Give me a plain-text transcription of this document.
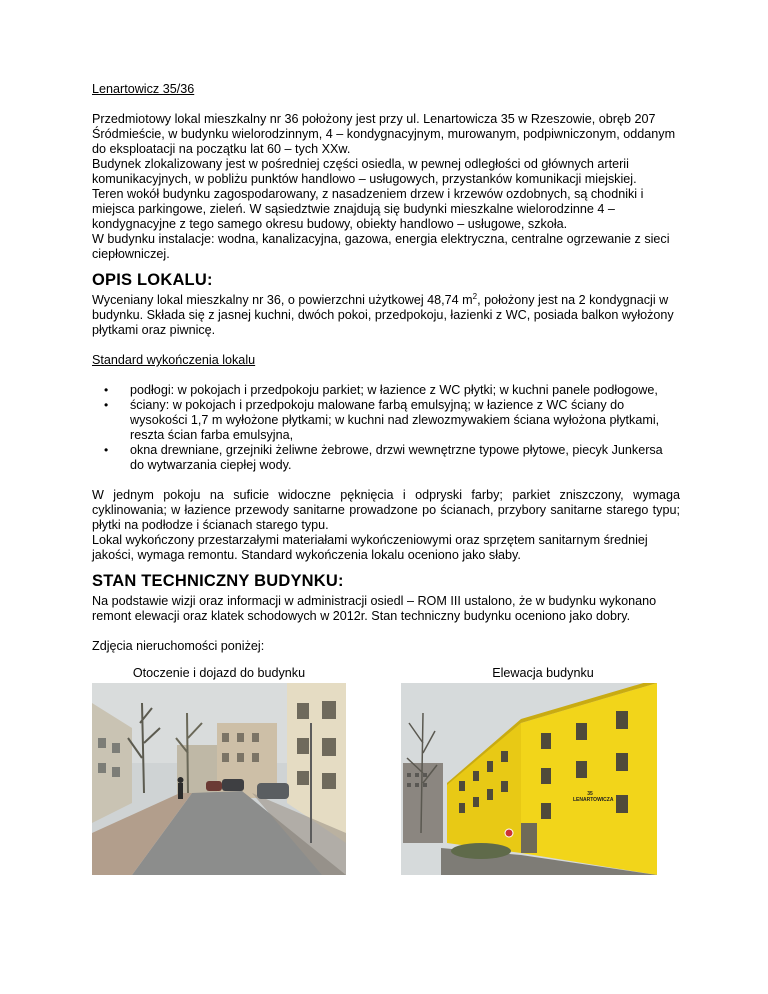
Lenartowicz 35/36

Przedmiotowy lokal mieszkalny nr 36 położony jest przy ul. Lenartowicza 35 w Rzeszowie, obręb 207 Śródmieście, w budynku wielorodzinnym, 4 – kondygnacyjnym, murowanym, podpiwniczonym, oddanym do eksploatacji na początku lat 60 – tych XXw.

Budynek zlokalizowany jest w pośredniej części osiedla, w pewnej odległości od głównych arterii komunikacyjnych, w pobliżu punktów handlowo – usługowych, przystanków komunikacji miejskiej.

Teren wokół budynku zagospodarowany, z nasadzeniem drzew i krzewów ozdobnych, są chodniki i miejsca parkingowe, zieleń. W sąsiedztwie znajdują się budynki mieszkalne wielorodzinne 4 – kondygnacyjne z tego samego okresu budowy, obiekty handlowo – usługowe, szkoła.

W budynku instalacje: wodna, kanalizacyjna, gazowa, energia elektryczna, centralne ogrzewanie z sieci ciepłowniczej.

OPIS LOKALU:

Wyceniany lokal mieszkalny nr 36, o powierzchni użytkowej 48,74 $m^2$, położony jest na 2 kondygnacji w budynku. Składa się z jasnej kuchni, dwóch pokoi, przedpokoju, łazienki z WC, posiada balkon wyłożony płytkami oraz piwnicę.

Standard wykończenia lokalu

• podłogi: w pokojach i przedpokoju parkiet; w łazience z WC płytki; w kuchni panele podłogowe,
• ściany: w pokojach i przedpokoju malowane farbą emulsyjną; w łazience z WC ściany do wysokości 1,7 m wyłożone płytkami; w kuchni nad zlewozmywakiem ściana wyłożona płytkami, reszta ścian farba emulsyjna,
• okna drewniane, grzejniki żeliwne żebrowe, drzwi wewnętrzne typowe płytowe, piecyk Junkersa do wytwarzania ciepłej wody.

W jednym pokoju na suficie widoczne pęknięcia i odpryski farby; parkiet zniszczony, wymaga cyklinowania; w łazience przewody sanitarne prowadzone po ścianach, przybory sanitarne starego typu; płytki na podłodze i ścianach starego typu.

Lokal wykończony przestarzałymi materiałami wykończeniowymi oraz sprzętem sanitarnym średniej jakości, wymaga remontu. Standard wykończenia lokalu oceniono jako słaby.

STAN TECHNICZNY BUDYNKU:

Na podstawie wizji oraz informacji w administracji osiedl – ROM III ustalono, że w budynku wykonano remont elewacji oraz klatek schodowych w 2012r. Stan techniczny budynku oceniono jako dobry.

Zdjęcia nieruchomości poniżej:

Otoczenie i dojazd do budynku	Elewacja budynku
35 LENARTOWICZA
